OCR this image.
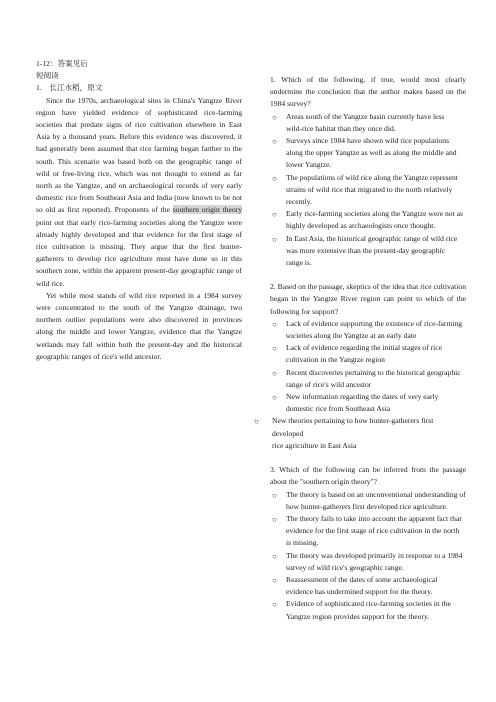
1-12：答案见后
短阅读
1.　长江水稻，原文
Since the 1970s, archaeological sites in China's Yangtze River region have yielded evidence of sophisticated rice-farming societies that predate signs of rice cultivation elsewhere in East Asia by a thousand years. Before this evidence was discovered, it had generally been assumed that rice farming began farther to the south. This scenario was based both on the geographic range of wild or free-living rice, which was not thought to extend as far north as the Yangtze, and on archaeological records of very early domestic rice from Southeast Asia and India (now known to be not so old as first reported). Proponents of the southern origin theory point out that early rice-farming societies along the Yangtze were already highly developed and that evidence for the first stage of rice cultivation is missing. They argue that the first hunter-gatherers to develop rice agriculture must have done so in this southern zone, within the apparent present-day geographic range of wild rice.
Yet while most stands of wild rice reported in a 1984 survey were concentrated to the south of the Yangtze drainage, two northern outlier populations were also discovered in provinces along the middle and lower Yangtze, evidence that the Yangtze wetlands may fall within both the present-day and the historical geographic ranges of rice's wild ancestor.
1. Which of the following, if true, would most clearly undermine the conclusion that the author makes based on the 1984 survey?
○ Areas south of the Yangtze basin currently have less
wild-rice habitat than they once did.
○ Surveys since 1984 have shown wild rice populations
along the upper Yangtze as well as along the middle and
lower Yangtze.
○ The populations of wild rice along the Yangtze represent
strains of wild rice that migrated to the north relatively
recently.
○ Early rice-farming societies along the Yangtze were not as
highly developed as archaeologists once thought.
○ In East Asia, the historical geographic range of wild rice
was more extensive than the present-day geographic
range is.
2. Based on the passage, skeptics of the idea that rice cultivation began in the Yangtze River region can point to which of the following for support?
○ Lack of evidence supporting the existence of rice-farming
societies along the Yangtze at an early date
○ Lack of evidence regarding the initial stages of rice
cultivation in the Yangtze region
○ Recent discoveries pertaining to the historical geographic
range of rice's wild ancestor
○ New information regarding the dates of very early
domestic rice from Southeast Asia
○ New theories pertaining to how hunter-gatherers first developed
rice agriculture in East Asia
3. Which of the following can be inferred from the passage about the "southern origin theory"?
○ The theory is based on an unconventional understanding of
how hunter-gatherers first developed rice agriculture.
○ The theory fails to take into account the apparent fact that
evidence for the first stage of rice cultivation in the north
is missing.
○ The theory was developed primarily in response to a 1984
survey of wild rice's geographic range.
○ Reassessment of the dates of some archaeological
evidence has undermined support for the theory.
○ Evidence of sophisticated rice-farming societies in the
Yangtze region provides support for the theory.
